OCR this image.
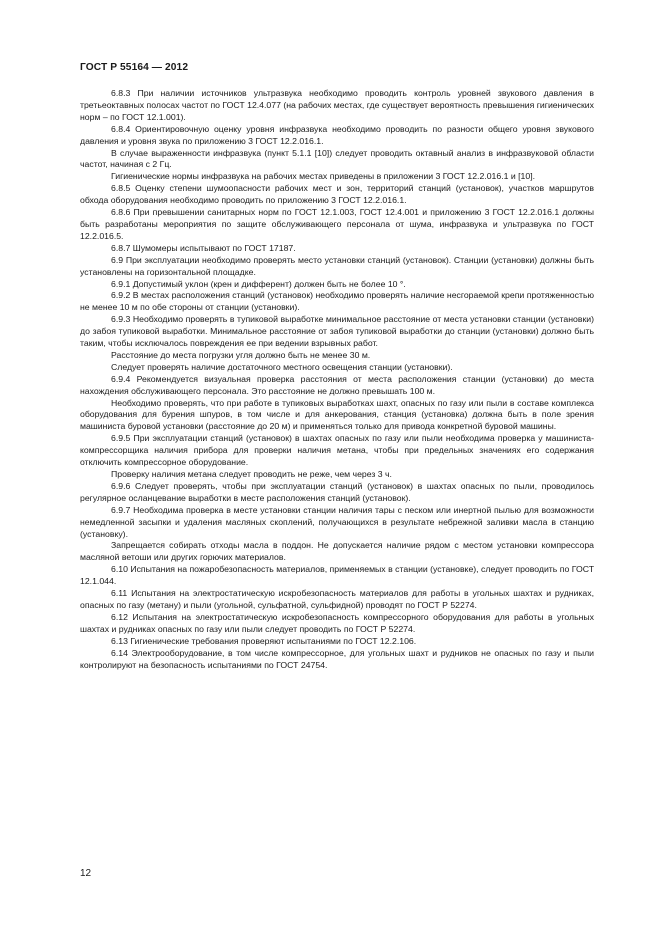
ГОСТ Р 55164 — 2012

6.8.3 При наличии источников ультразвука необходимо проводить контроль уровней звукового давления в третьеоктавных полосах частот по ГОСТ 12.4.077 (на рабочих местах, где существует вероятность превышения гигиенических норм – по ГОСТ 12.1.001).

6.8.4 Ориентировочную оценку уровня инфразвука необходимо проводить по разности общего уровня звукового давления и уровня звука по приложению 3 ГОСТ 12.2.016.1.

В случае выраженности инфразвука (пункт 5.1.1 [10]) следует проводить октавный анализ в инфразвуковой области частот, начиная с 2 Гц.

Гигиенические нормы инфразвука на рабочих местах приведены в приложении 3 ГОСТ 12.2.016.1 и [10].

6.8.5 Оценку степени шумоопасности рабочих мест и зон, территорий станций (установок), участков маршрутов обхода оборудования необходимо проводить по приложению 3 ГОСТ 12.2.016.1.

6.8.6 При превышении санитарных норм по ГОСТ 12.1.003, ГОСТ 12.4.001 и приложению 3 ГОСТ 12.2.016.1 должны быть разработаны мероприятия по защите обслуживающего персонала от шума, инфразвука и ультразвука по ГОСТ 12.2.016.5.

6.8.7 Шумомеры испытывают по ГОСТ 17187.

6.9 При эксплуатации необходимо проверять место установки станций (установок). Станции (установки) должны быть установлены на горизонтальной площадке.

6.9.1 Допустимый уклон (крен и дифферент) должен быть не более 10 °.

6.9.2 В местах расположения станций (установок) необходимо проверять наличие несгораемой крепи протяженностью не менее 10 м по обе стороны от станции (установки).

6.9.3 Необходимо проверять в тупиковой выработке минимальное расстояние от места установки станции (установки) до забоя тупиковой выработки. Минимальное расстояние от забоя тупиковой выработки до станции (установки) должно быть таким, чтобы исключалось повреждения ее при ведении взрывных работ.

Расстояние до места погрузки угля должно быть не менее 30 м.

Следует проверять наличие достаточного местного освещения станции (установки).

6.9.4 Рекомендуется визуальная проверка расстояния от места расположения станции (установки) до места нахождения обслуживающего персонала. Это расстояние не должно превышать 100 м.

Необходимо проверять, что при работе в тупиковых выработках шахт, опасных по газу или пыли в составе комплекса оборудования для бурения шпуров, в том числе и для анкерования, станция (установка) должна быть в поле зрения машиниста буровой установки (расстояние до 20 м) и применяться только для привода конкретной буровой машины.

6.9.5 При эксплуатации станций (установок) в шахтах опасных по газу или пыли необходима проверка у машиниста-компрессорщика наличия прибора для проверки наличия метана, чтобы при предельных значениях его содержания отключить компрессорное оборудование.

Проверку наличия метана следует проводить не реже, чем через 3 ч.

6.9.6 Следует проверять, чтобы при эксплуатации станций (установок) в шахтах опасных по пыли, проводилось регулярное осланцевание выработки в месте расположения станций (установок).

6.9.7 Необходима проверка в месте установки станции наличия тары с песком или инертной пылью для возможности немедленной засыпки и удаления масляных скоплений, получающихся в результате небрежной заливки масла в станцию (установку).

Запрещается собирать отходы масла в поддон. Не допускается наличие рядом с местом установки компрессора масляной ветоши или других горючих материалов.

6.10 Испытания на пожаробезопасность материалов, применяемых в станции (установке), следует проводить по ГОСТ 12.1.044.

6.11 Испытания на электростатическую искробезопасность материалов для работы в угольных шахтах и рудниках, опасных по газу (метану) и пыли (угольной, сульфатной, сульфидной) проводят по ГОСТ Р 52274.

6.12 Испытания на электростатическую искробезопасность компрессорного оборудования для работы в угольных шахтах и рудниках опасных по газу или пыли следует проводить по ГОСТ Р 52274.

6.13 Гигиенические требования проверяют испытаниями по ГОСТ 12.2.106.

6.14 Электрооборудование, в том числе компрессорное, для угольных шахт и рудников не опасных по газу и пыли контролируют на безопасность испытаниями по ГОСТ 24754.

12
